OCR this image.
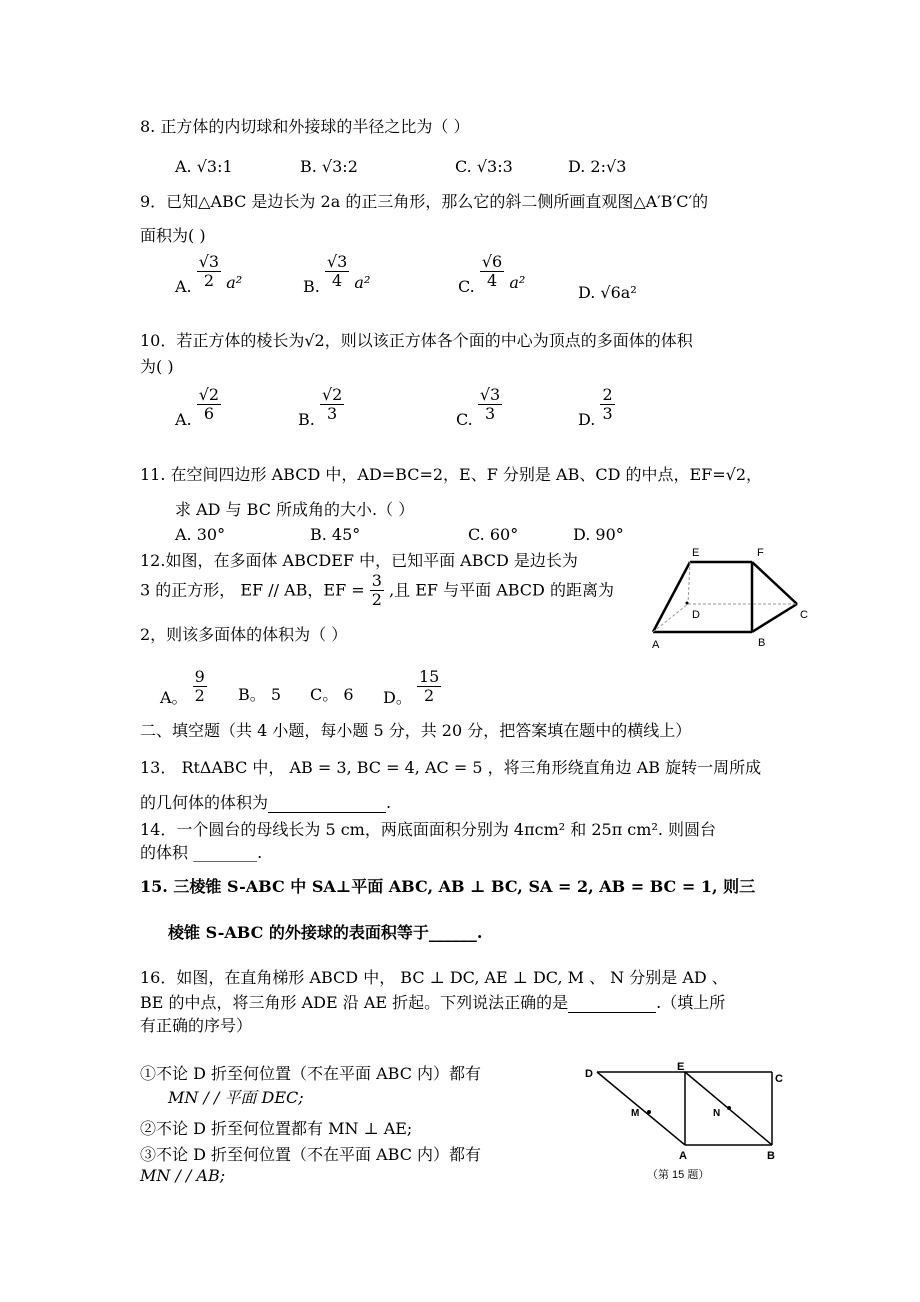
8. 正方体的内切球和外接球的半径之比为（ ）
A. √3:1	B. √3:2	C. √3:3	D. 2:√3
9．已知△ABC 是边长为 2a 的正三角形，那么它的斜二侧所画直观图△A′B′C′的
面积为( )
A. $\frac{√3}{2} a^2$	B. $\frac{√3}{4} a^2$	C. $\frac{√6}{4} a^2$
D. √6a²
10．若正方体的棱长为√2，则以该正方体各个面的中心为顶点的多面体的体积
为( )
A. $\frac{√2}{6}$	B. $\frac{√2}{3}$	C. $\frac{√3}{3}$	D. $\frac{2}{3}$
11. 在空间四边形 ABCD 中，AD=BC=2，E、F 分别是 AB、CD 的中点，EF=√2，
求 AD 与 BC 所成角的大小.（ ）
A. 30°	B. 45°	C. 60°	D. 90°
12.如图，在多面体 ABCDEF 中，已知平面 ABCD 是边长为
3 的正方形， EF // AB，EF = $\frac{3}{2}$ ,且 EF 与平面 ABCD 的距离为
2，则该多面体的体积为（ ）
E	F
D	C
A	B
A。 $\frac{9}{2}$ B。 5 C。 6 D。 $\frac{15}{2}$
二、填空题（共 4 小题，每小题 5 分，共 20 分，把答案填在题中的横线上）
13． RtΔABC 中， AB = 3, BC = 4, AC = 5 ，将三角形绕直角边 AB 旋转一周所成
的几何体的体积为	.
14．一个圆台的母线长为 5 cm，两底面面积分别为 4πcm² 和 25π cm². 则圆台
的体积 ________.
15. 三棱锥 S-ABC 中 SA⊥平面 ABC, AB ⊥ BC, SA = 2, AB = BC = 1, 则三
棱锥 S-ABC 的外接球的表面积等于______.
16．如图，在直角梯形 ABCD 中， BC ⊥ DC, AE ⊥ DC, M 、 N 分别是 AD 、
BE 的中点，将三角形 ADE 沿 AE 折起。下列说法正确的是	.（填上所
有正确的序号）
①不论 D 折至何位置（不在平面 ABC 内）都有
MN / / 平面 DEC;
②不论 D 折至何位置都有 MN ⊥ AE;
③不论 D 折至何位置（不在平面 ABC 内）都有
MN / / AB;
D
E
C
M	N
A	B
（第 15 题）
